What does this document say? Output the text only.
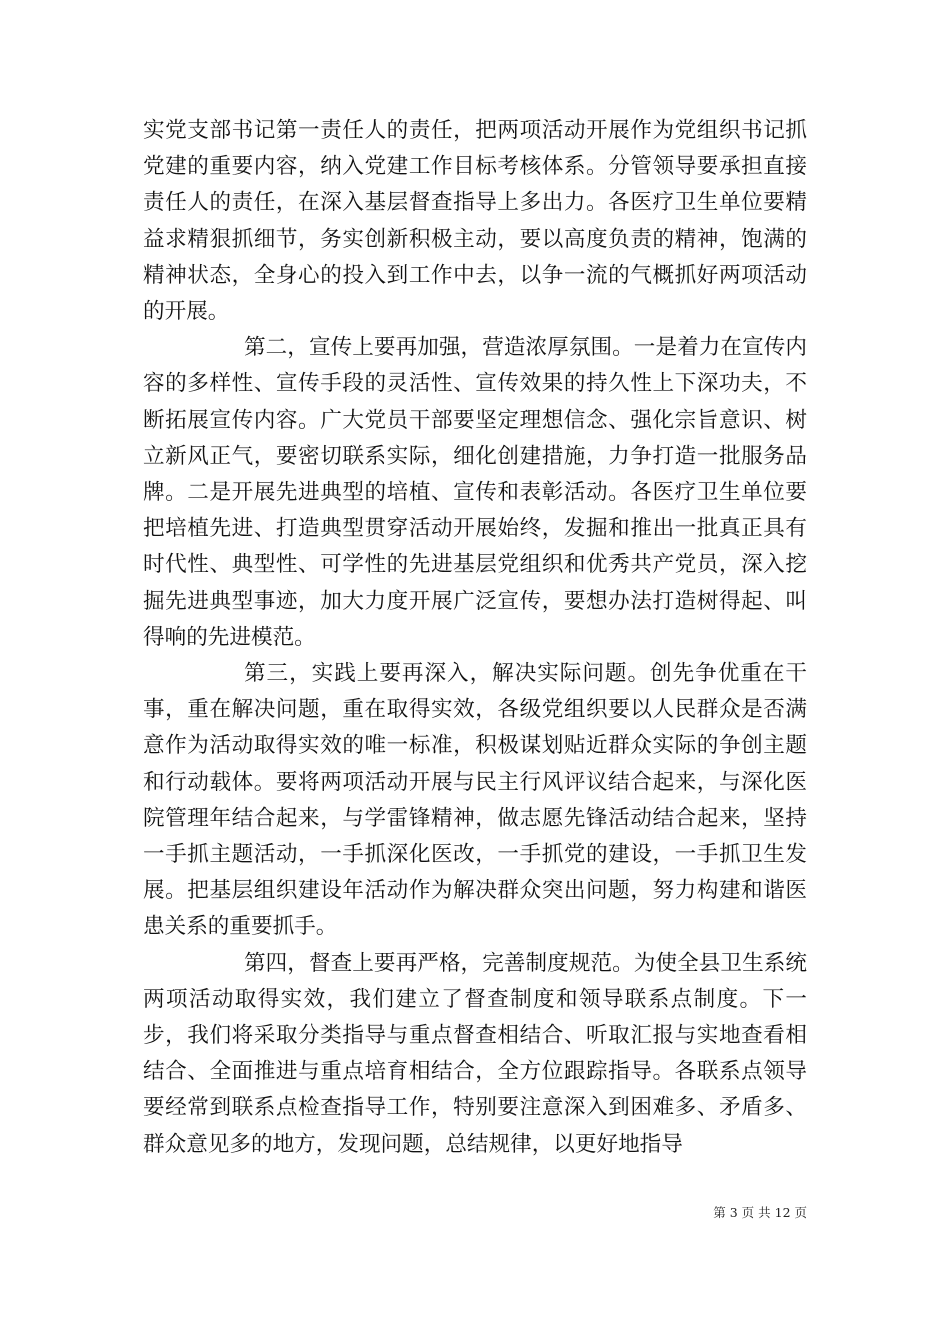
实党支部书记第一责任人的责任，把两项活动开展作为党组织书记抓党建的重要内容，纳入党建工作目标考核体系。分管领导要承担直接责任人的责任，在深入基层督查指导上多出力。各医疗卫生单位要精益求精狠抓细节，务实创新积极主动，要以高度负责的精神，饱满的精神状态，全身心的投入到工作中去，以争一流的气概抓好两项活动的开展。

第二，宣传上要再加强，营造浓厚氛围。一是着力在宣传内容的多样性、宣传手段的灵活性、宣传效果的持久性上下深功夫，不断拓展宣传内容。广大党员干部要坚定理想信念、强化宗旨意识、树立新风正气，要密切联系实际，细化创建措施，力争打造一批服务品牌。二是开展先进典型的培植、宣传和表彰活动。各医疗卫生单位要把培植先进、打造典型贯穿活动开展始终，发掘和推出一批真正具有时代性、典型性、可学性的先进基层党组织和优秀共产党员，深入挖掘先进典型事迹，加大力度开展广泛宣传，要想办法打造树得起、叫得响的先进模范。

第三，实践上要再深入，解决实际问题。创先争优重在干事，重在解决问题，重在取得实效，各级党组织要以人民群众是否满意作为活动取得实效的唯一标准，积极谋划贴近群众实际的争创主题和行动载体。要将两项活动开展与民主行风评议结合起来，与深化医院管理年结合起来，与学雷锋精神，做志愿先锋活动结合起来，坚持一手抓主题活动，一手抓深化医改，一手抓党的建设，一手抓卫生发展。把基层组织建设年活动作为解决群众突出问题，努力构建和谐医患关系的重要抓手。

第四，督查上要再严格，完善制度规范。为使全县卫生系统两项活动取得实效，我们建立了督查制度和领导联系点制度。下一步，我们将采取分类指导与重点督查相结合、听取汇报与实地查看相结合、全面推进与重点培育相结合，全方位跟踪指导。各联系点领导要经常到联系点检查指导工作，特别要注意深入到困难多、矛盾多、群众意见多的地方，发现问题，总结规律，以更好地指导

第 3 页 共 12 页
